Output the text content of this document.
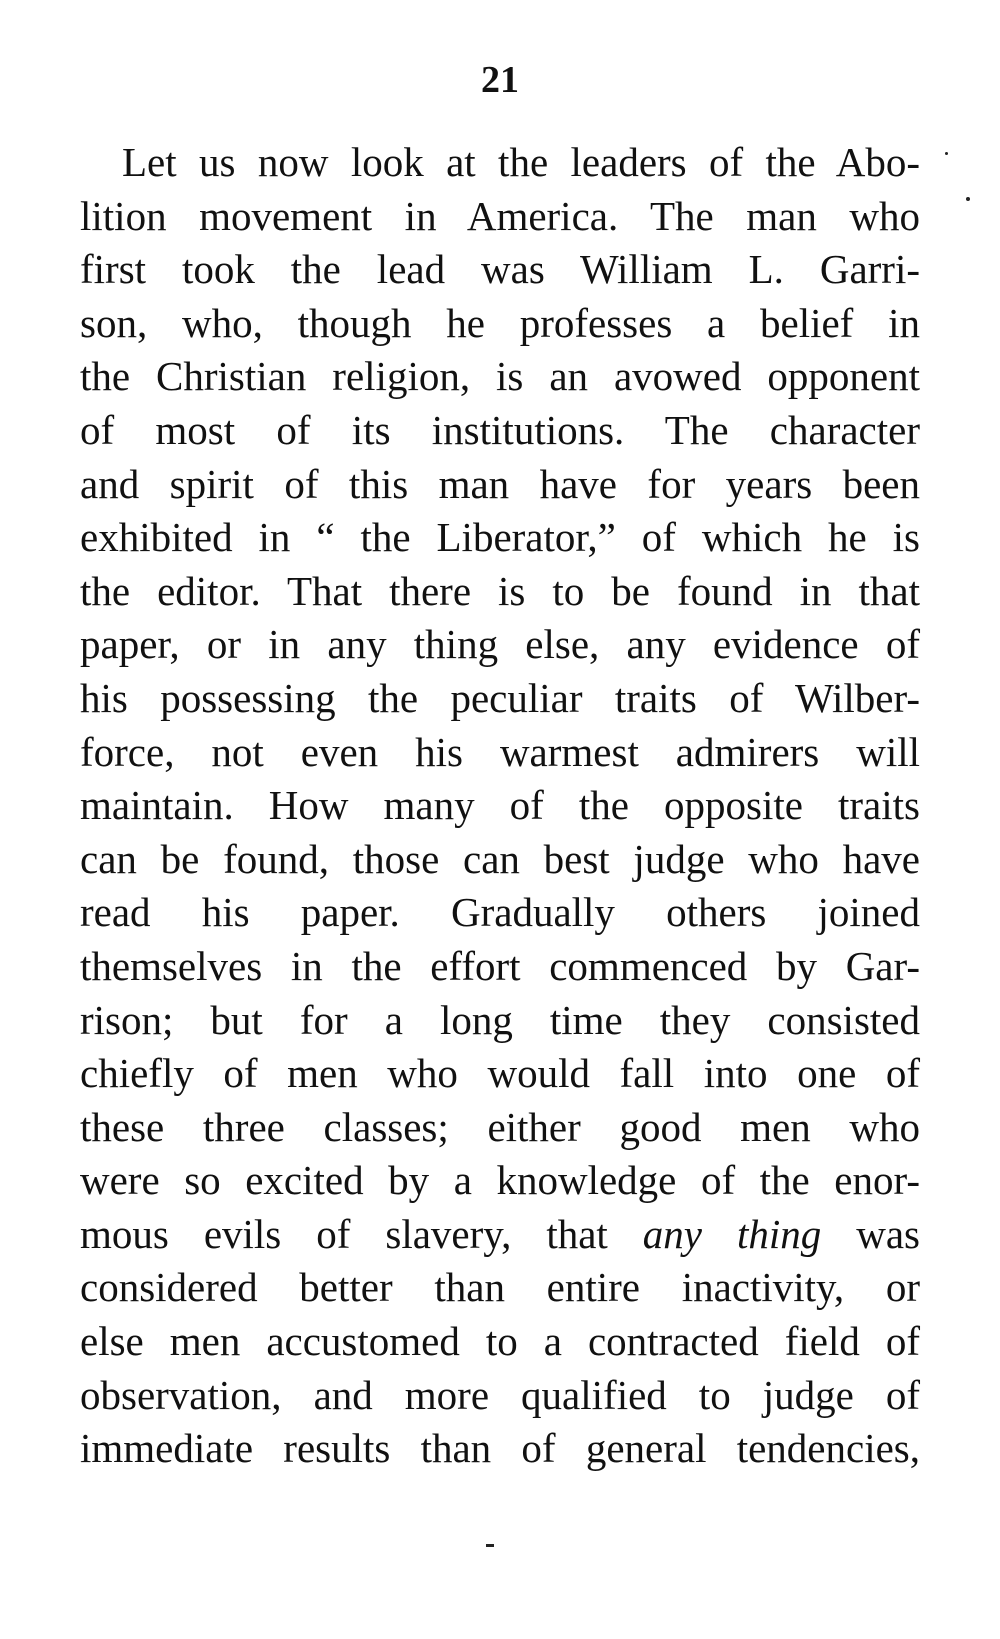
21
Let us now look at the leaders of the Abo-
lition movement in America. The man who
first took the lead was William L. Garri-
son, who, though he professes a belief in
the Christian religion, is an avowed opponent
of most of its institutions. The character
and spirit of this man have for years been
exhibited in “ the Liberator,” of which he is
the editor. That there is to be found in that
paper, or in any thing else, any evidence of
his possessing the peculiar traits of Wilber-
force, not even his warmest admirers will
maintain. How many of the opposite traits
can be found, those can best judge who have
read his paper. Gradually others joined
themselves in the effort commenced by Gar-
rison; but for a long time they consisted
chiefly of men who would fall into one of
these three classes; either good men who
were so excited by a knowledge of the enor-
mous evils of slavery, that any thing was
considered better than entire inactivity, or
else men accustomed to a contracted field of
observation, and more qualified to judge of
immediate results than of general tendencies,
